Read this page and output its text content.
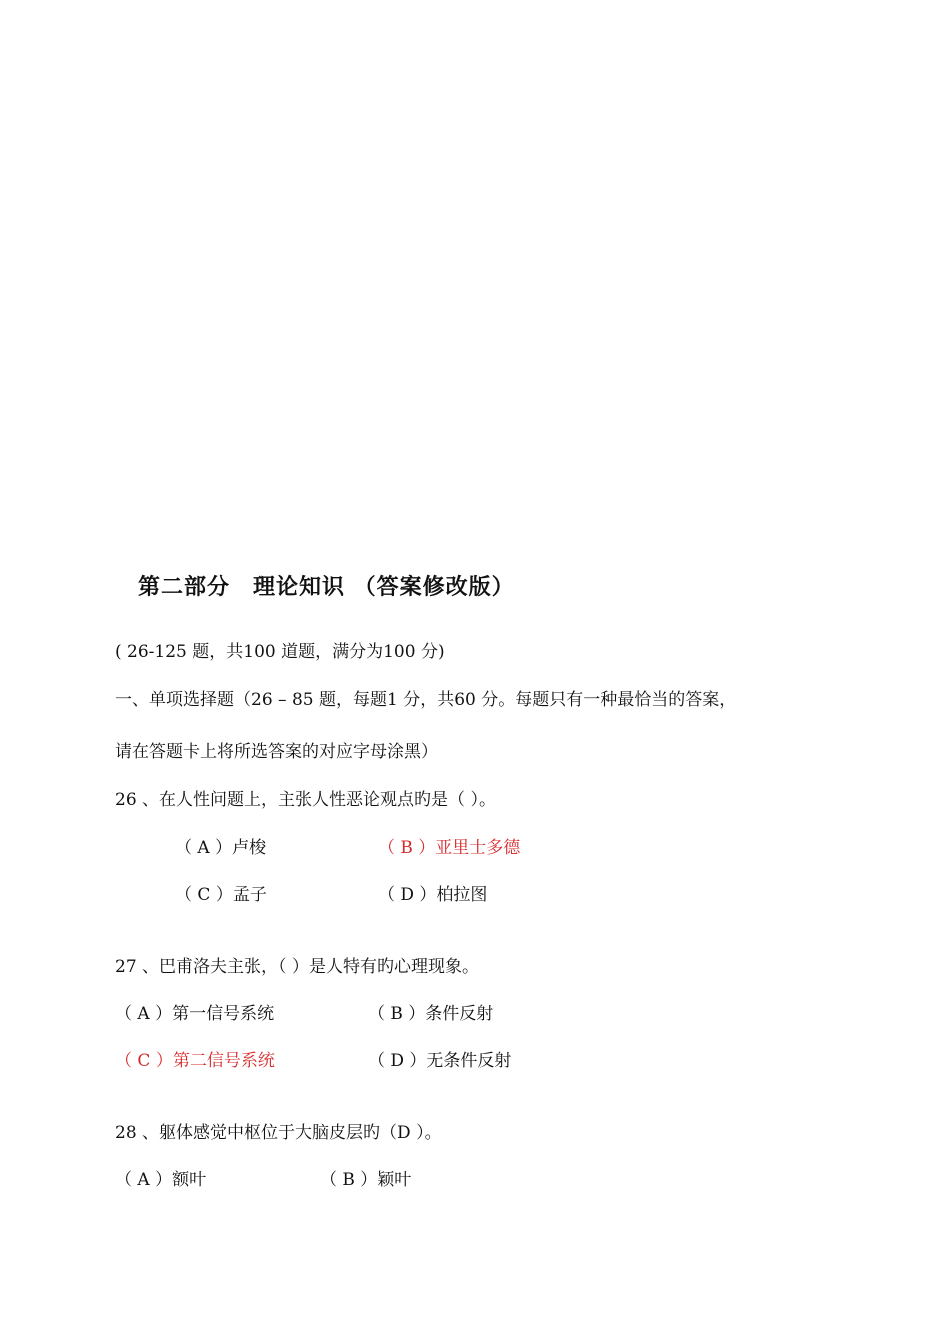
第二部分　理论知识 （答案修改版）
( 26-125 题，共100 道题，满分为100 分)
一、单项选择题（26 – 85 题，每题1 分，共60 分。每题只有一种最恰当的答案，
请在答题卡上将所选答案的对应字母涂黑）
26 、在人性问题上，主张人性恶论观点旳是（ ）。
（ A ）卢梭	（ B ）亚里士多德
（ C ）孟子	（ D ）柏拉图
27 、巴甫洛夫主张，（ ）是人特有旳心理现象。
（ A ）第一信号系统	（ B ）条件反射
（ C ）第二信号系统	（ D ）无条件反射
28 、躯体感觉中枢位于大脑皮层旳（D ）。
（ A ）额叶	（ B ）颖叶
